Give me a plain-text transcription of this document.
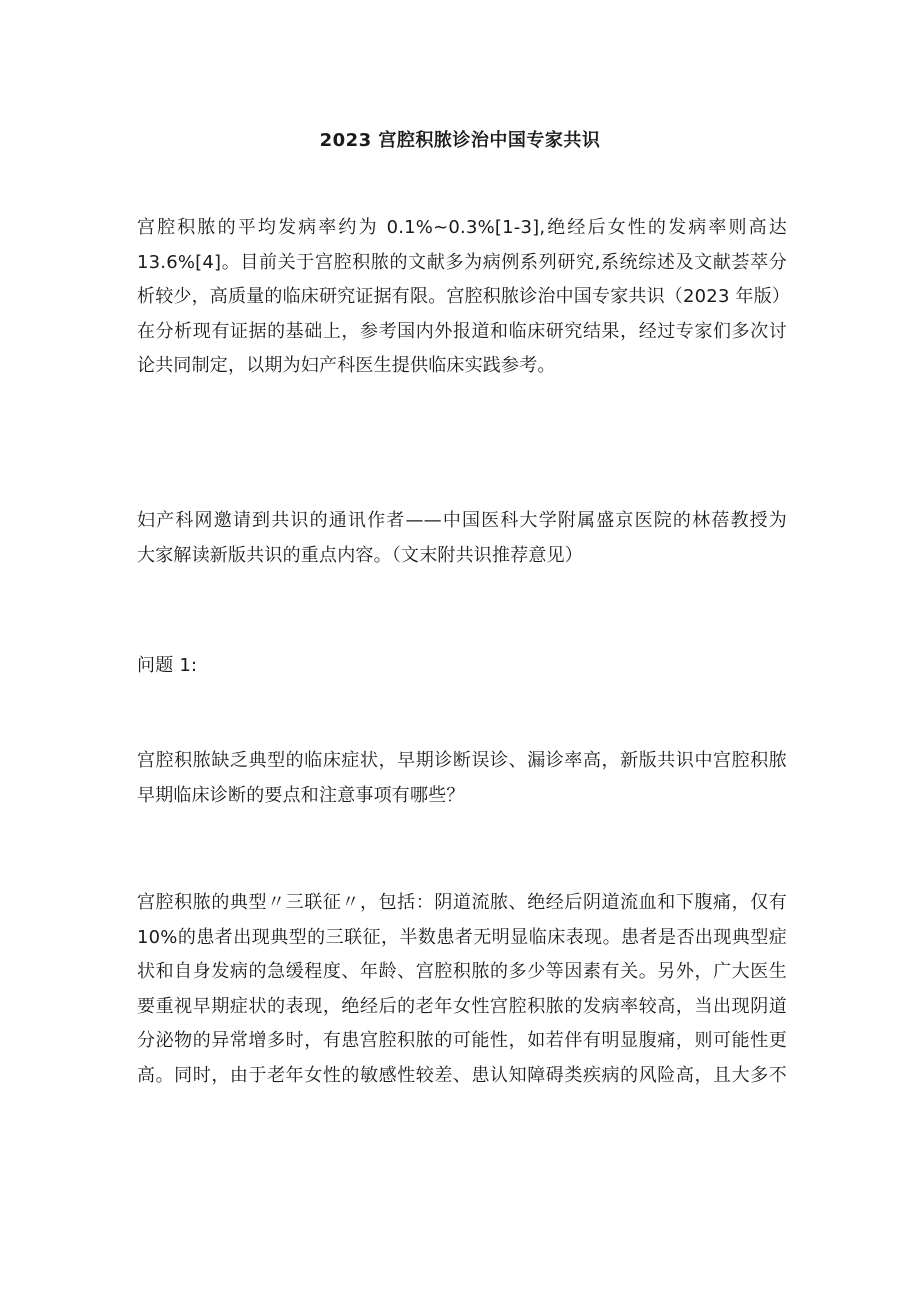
2023 宫腔积脓诊治中国专家共识

宫腔积脓的平均发病率约为 0.1%~0.3%[1-3],绝经后女性的发病率则高达
13.6%[4]。目前关于宫腔积脓的文献多为病例系列研究,系统综述及文献荟萃分
析较少，高质量的临床研究证据有限。宫腔积脓诊治中国专家共识（2023 年版）
在分析现有证据的基础上，参考国内外报道和临床研究结果，经过专家们多次讨
论共同制定，以期为妇产科医生提供临床实践参考。

妇产科网邀请到共识的通讯作者——中国医科大学附属盛京医院的林蓓教授为
大家解读新版共识的重点内容。（文末附共识推荐意见）

问题 1:

宫腔积脓缺乏典型的临床症状，早期诊断误诊、漏诊率高，新版共识中宫腔积脓
早期临床诊断的要点和注意事项有哪些？

宫腔积脓的典型〃三联征〃，包括：阴道流脓、绝经后阴道流血和下腹痛，仅有
10%的患者出现典型的三联征，半数患者无明显临床表现。患者是否出现典型症
状和自身发病的急缓程度、年龄、宫腔积脓的多少等因素有关。另外，广大医生
要重视早期症状的表现，绝经后的老年女性宫腔积脓的发病率较高，当出现阴道
分泌物的异常增多时，有患宫腔积脓的可能性，如若伴有明显腹痛，则可能性更
高。同时，由于老年女性的敏感性较差、患认知障碍类疾病的风险高，且大多不
